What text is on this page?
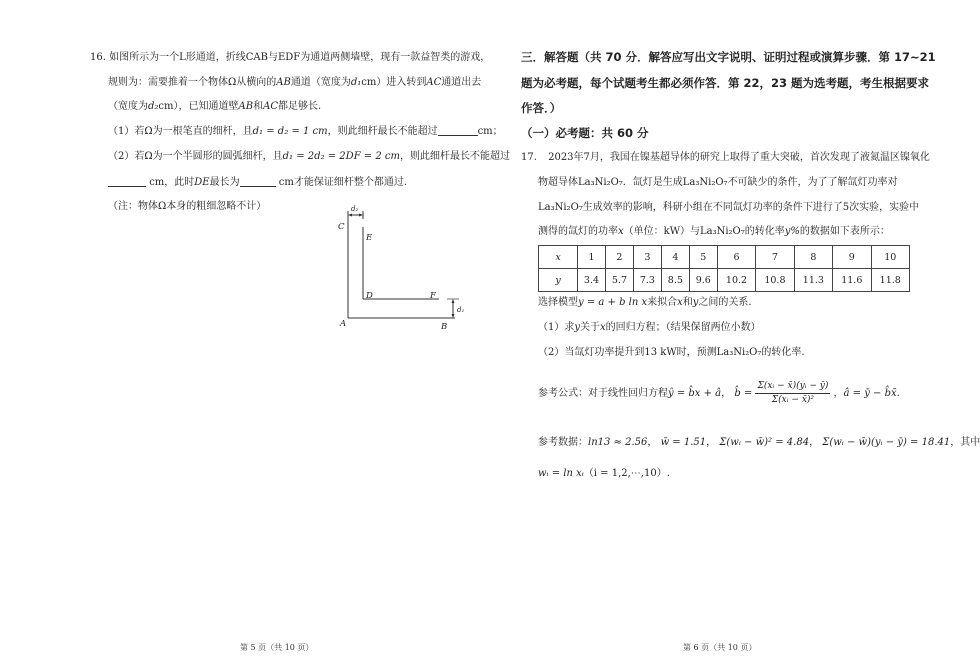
16. 如图所示为一个L形通道，折线CAB与EDF为通道两侧墙壁，现有一款益智类的游戏，
规则为：需要推着一个物体Ω从横向的AB通道（宽度为d₁cm）进入转到AC通道出去
（宽度为d₂cm），已知通道壁AB和AC都足够长.
（1）若Ω为一根笔直的细杆，且d₁ = d₂ = 1 cm，则此细杆最长不能超过	cm；
（2）若Ω为一个半圆形的圆弧细杆，且d₁ = 2d₂ = 2DF = 2 cm，则此细杆最长不能超过
cm，此时DE最长为	cm才能保证细杆整个都通过.
（注：物体Ω本身的粗细忽略不计）
C
E
D	F
A	B
d₂
d₁
第 5 页（共 10 页）
三．解答题（共 70 分．解答应写出文字说明、证明过程或演算步骤．第 17~21
题为必考题，每个试题考生都必须作答．第 22，23 题为选考题，考生根据要求
作答．）
（一）必考题：共 60 分
17. 2023年7月，我国在镍基超导体的研究上取得了重大突破，首次发现了液氮温区镍氧化
物超导体La₃Ni₂O₇．氙灯是生成La₃Ni₂O₇不可缺少的条件，为了了解氙灯功率对
La₃Ni₂O₇生成效率的影响，科研小组在不同氙灯功率的条件下进行了5次实验，实验中
测得的氙灯的功率x（单位：kW）与La₃Ni₂O₇的转化率y%的数据如下表所示：
x	1	2	3	4	5	6	7	8	9	10
y	3.4	5.7	7.3	8.5	9.6	10.2	10.8	11.3	11.6	11.8
选择模型y = a + b ln x来拟合x和y之间的关系.
（1）求y关于x的回归方程；（结果保留两位小数）
（2）当氙灯功率提升到13 kW时，预测La₃Ni₂O₇的转化率.
参考公式：对于线性回归方程ŷ = b̂x + â， b̂ = $\frac{\text{Σ(xᵢ − x̄)(yᵢ − ȳ)}}{\text{Σ(xᵢ − x̄)²}}$ ，â = ȳ − b̂x̄.
参考数据：ln13 ≈ 2.56， w̄ = 1.51， Σ(wᵢ − w̄)² = 4.84， Σ(wᵢ − w̄)(yᵢ − ȳ) = 18.41，其中
wᵢ = ln xᵢ（i = 1,2,⋯,10）.
第 6 页（共 10 页）
